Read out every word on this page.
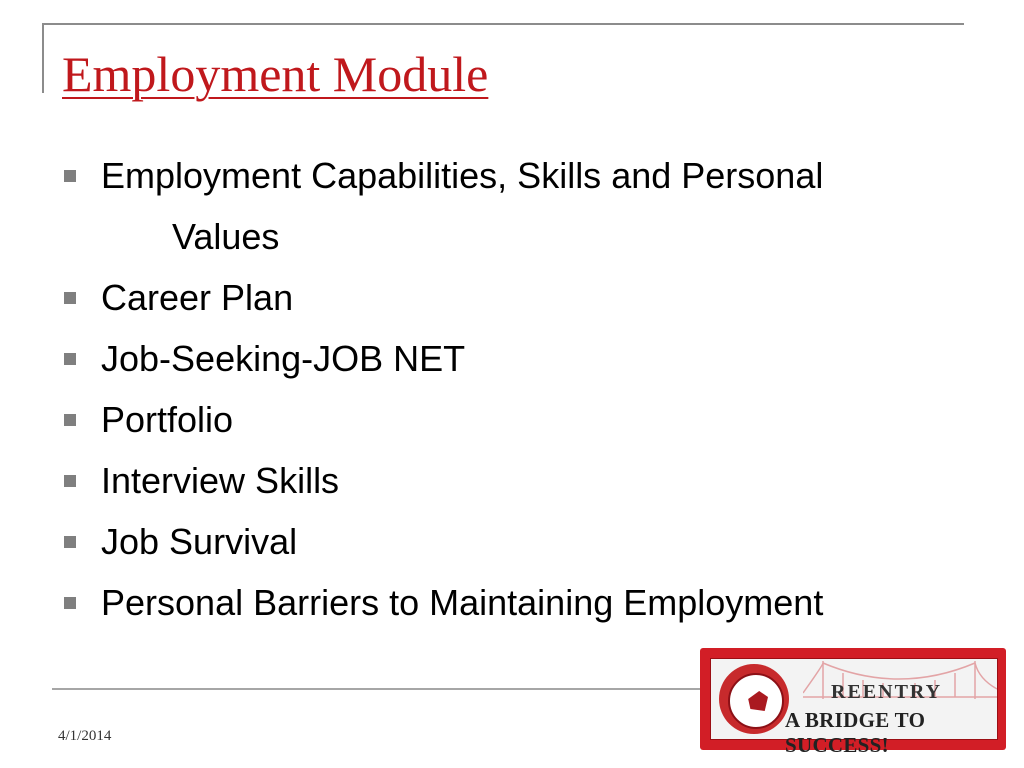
Employment Module
Employment Capabilities, Skills and Personal
Values
Career Plan
Job-Seeking-JOB NET
Portfolio
Interview Skills
Job Survival
Personal Barriers to Maintaining Employment
4/1/2014
REENTRY
A BRIDGE TO SUCCESS!
